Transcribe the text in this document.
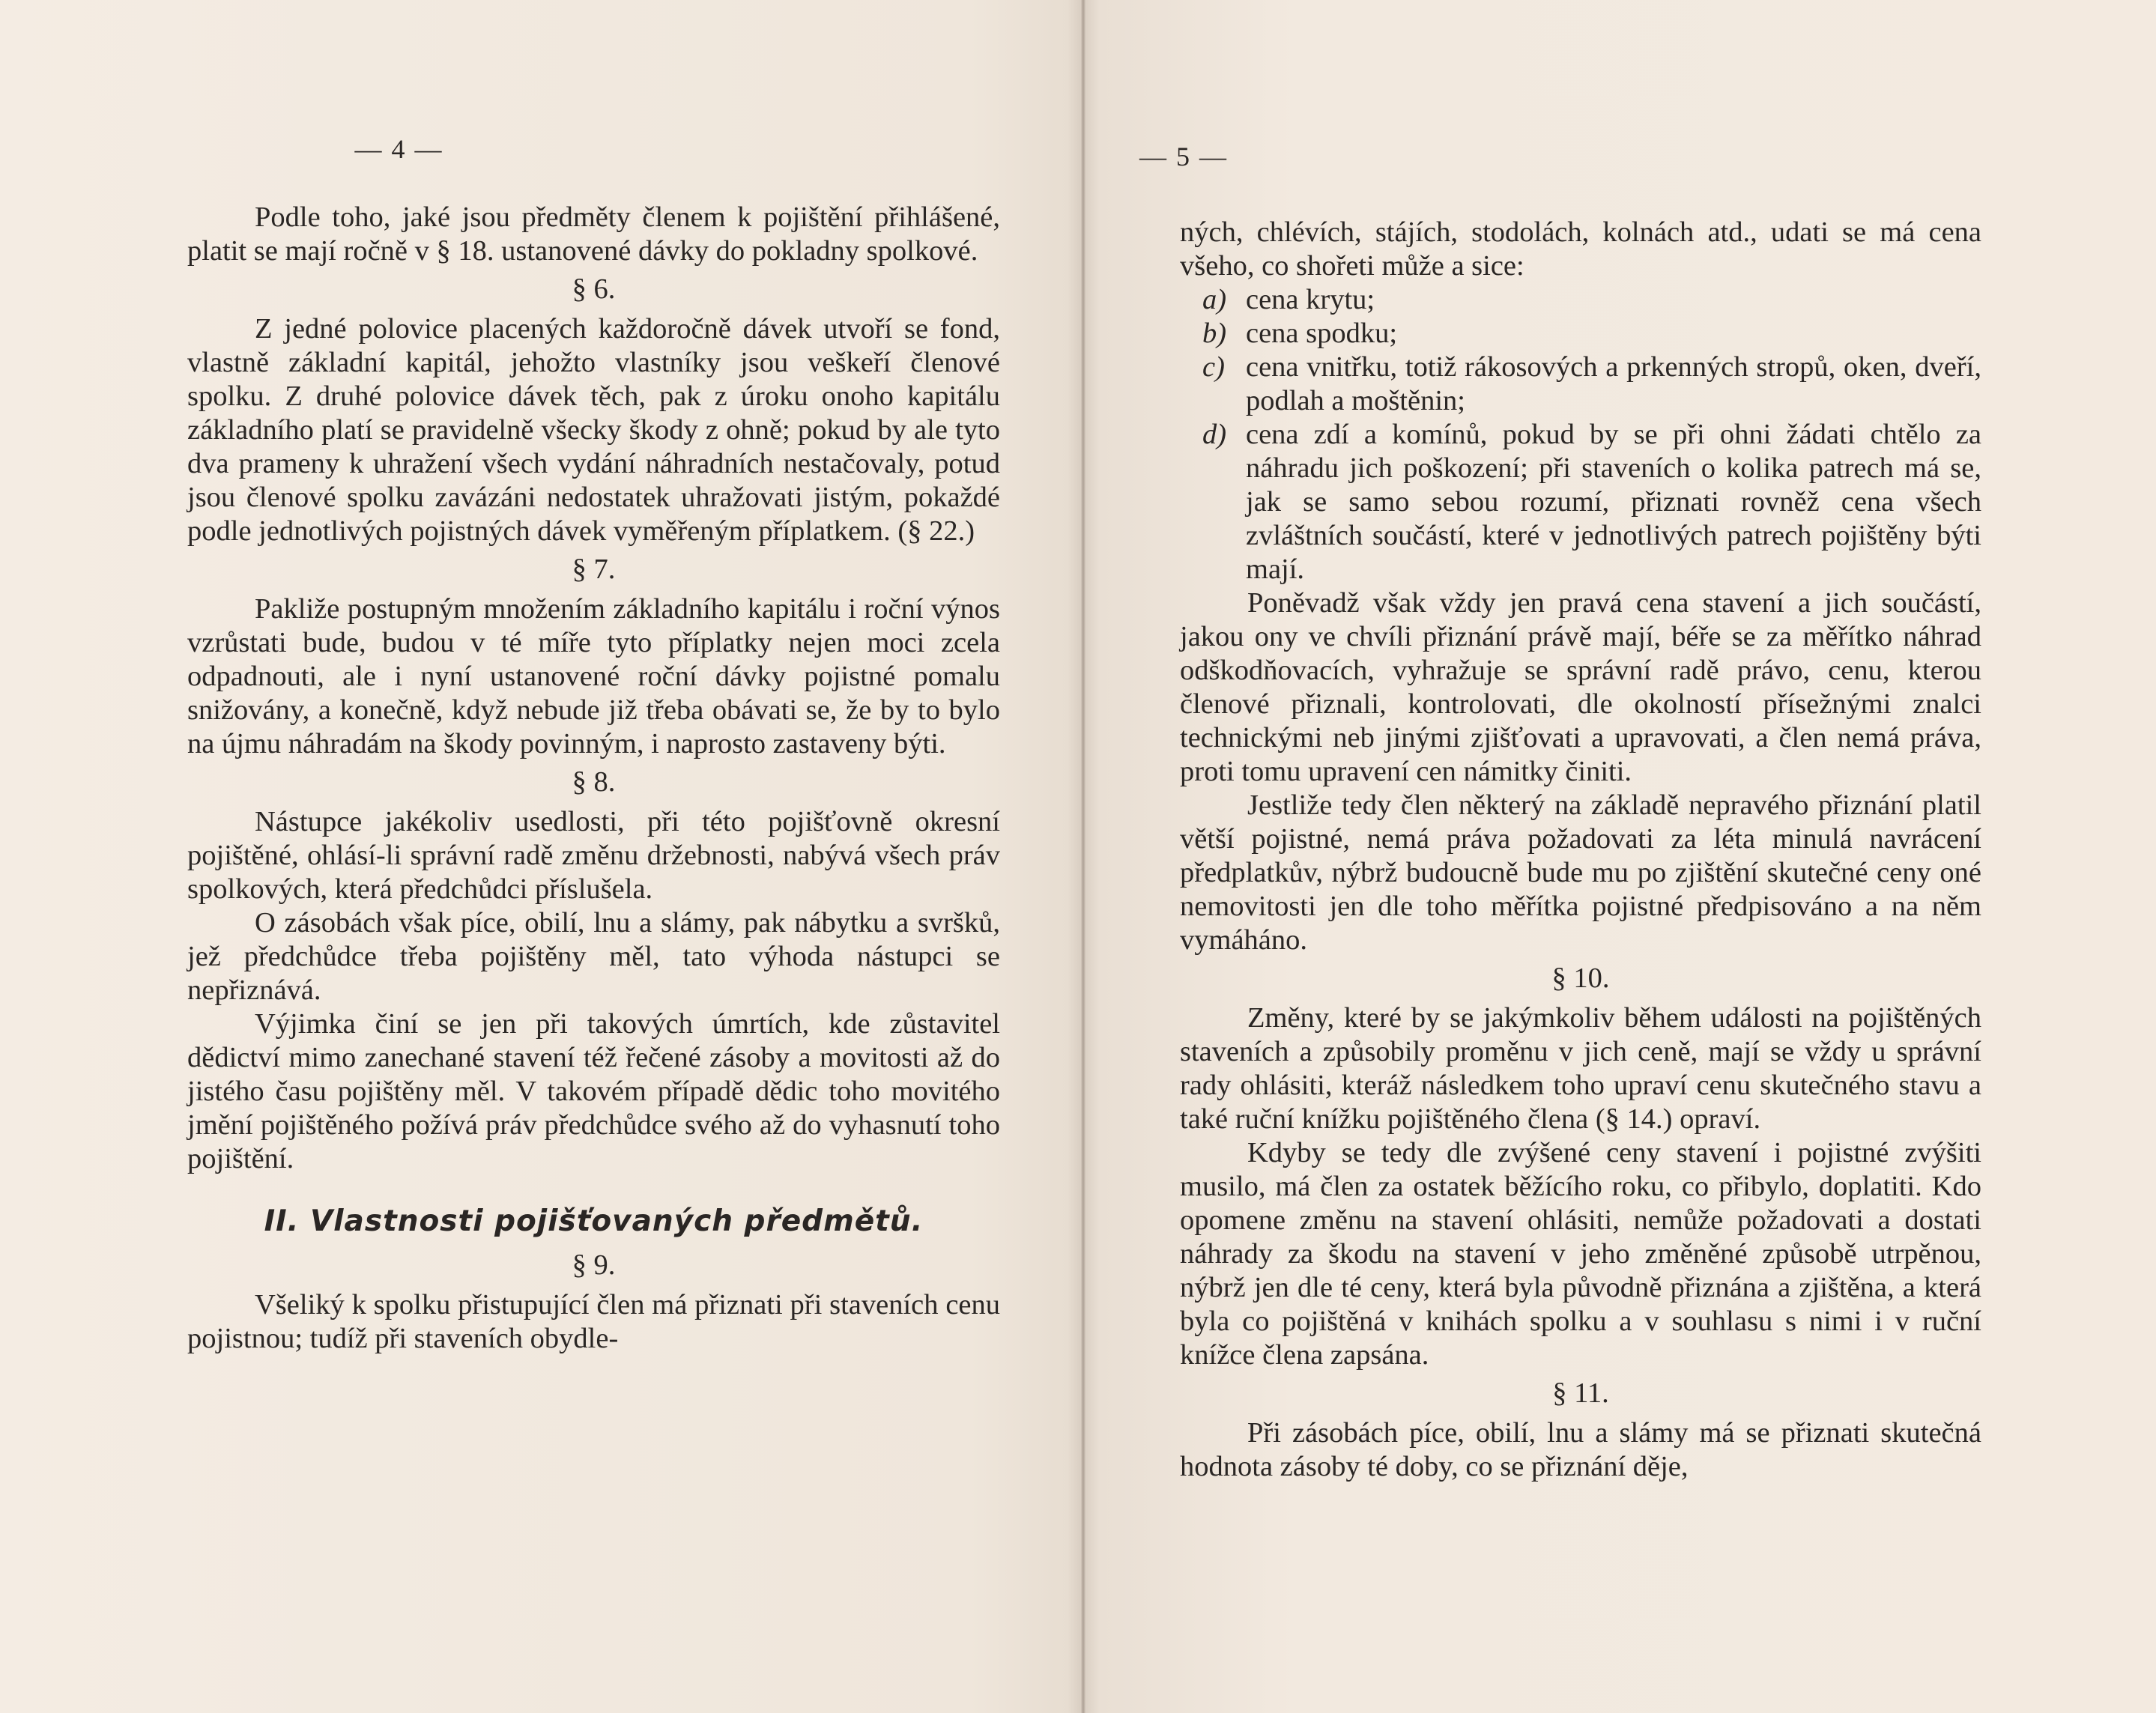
— 4 —

Podle toho, jaké jsou předměty členem k pojištění přihlášené, platit se mají ročně v § 18. ustanovené dávky do pokladny spolkové.

§ 6.

Z jedné polovice placených každoročně dávek utvoří se fond, vlastně základní kapitál, jehožto vlastníky jsou veškeří členové spolku. Z druhé polovice dávek těch, pak z úroku onoho kapitálu základního platí se pravidelně všecky škody z ohně; pokud by ale tyto dva prameny k uhražení všech vydání náhradních nestačovaly, potud jsou členové spolku zavázáni nedostatek uhražovati jistým, pokaždé podle jednotlivých pojistných dávek vyměřeným příplatkem. (§ 22.)

§ 7.

Pakliže postupným množením základního kapitálu i roční výnos vzrůstati bude, budou v té míře tyto příplatky nejen moci zcela odpadnouti, ale i nyní ustanovené roční dávky pojistné pomalu snižovány, a konečně, když nebude již třeba obávati se, že by to bylo na újmu náhradám na škody povinným, i naprosto zastaveny býti.

§ 8.

Nástupce jakékoliv usedlosti, při této pojišťovně okresní pojištěné, ohlásí-li správní radě změnu držebnosti, nabývá všech práv spolkových, která předchůdci příslušela.

O zásobách však píce, obilí, lnu a slámy, pak nábytku a svršků, jež předchůdce třeba pojištěny měl, tato výhoda nástupci se nepřiznává.

Výjimka činí se jen při takových úmrtích, kde zůstavitel dědictví mimo zanechané stavení též řečené zásoby a movitosti až do jistého času pojištěny měl. V takovém případě dědic toho movitého jmění pojištěného požívá práv předchůdce svého až do vyhasnutí toho pojištění.

II. Vlastnosti pojišťovaných předmětů.
§ 9.

Všeliký k spolku přistupující člen má přiznati při staveních cenu pojistnou; tudíž při staveních obydle-

— 5 —

ných, chlévích, stájích, stodolách, kolnách atd., udati se má cena všeho, co shořeti může a sice:

a) cena krytu;
b) cena spodku;
c) cena vnitřku, totiž rákosových a prkenných stropů, oken, dveří, podlah a moštěnin;
d) cena zdí a komínů, pokud by se při ohni žádati chtělo za náhradu jich poškození; při staveních o kolika patrech má se, jak se samo sebou rozumí, přiznati rovněž cena všech zvláštních součástí, které v jednotlivých patrech pojištěny býti mají.

Poněvadž však vždy jen pravá cena stavení a jich součástí, jakou ony ve chvíli přiznání právě mají, béře se za měřítko náhrad odškodňovacích, vyhražuje se správní radě právo, cenu, kterou členové přiznali, kontrolovati, dle okolností přísežnými znalci technickými neb jinými zjišťovati a upravovati, a člen nemá práva, proti tomu upravení cen námitky činiti.

Jestliže tedy člen některý na základě nepravého přiznání platil větší pojistné, nemá práva požadovati za léta minulá navrácení předplatkův, nýbrž budoucně bude mu po zjištění skutečné ceny oné nemovitosti jen dle toho měřítka pojistné předpisováno a na něm vymáháno.

§ 10.

Změny, které by se jakýmkoliv během události na pojištěných staveních a způsobily proměnu v jich ceně, mají se vždy u správní rady ohlásiti, kteráž následkem toho upraví cenu skutečného stavu a také ruční knížku pojištěného člena (§ 14.) opraví.

Kdyby se tedy dle zvýšené ceny stavení i pojistné zvýšiti musilo, má člen za ostatek běžícího roku, co přibylo, doplatiti. Kdo opomene změnu na stavení ohlásiti, nemůže požadovati a dostati náhrady za škodu na stavení v jeho změněné způsobě utrpěnou, nýbrž jen dle té ceny, která byla původně přiznána a zjištěna, a která byla co pojištěná v knihách spolku a v souhlasu s nimi i v ruční knížce člena zapsána.

§ 11.

Při zásobách píce, obilí, lnu a slámy má se přiznati skutečná hodnota zásoby té doby, co se přiznání děje,
